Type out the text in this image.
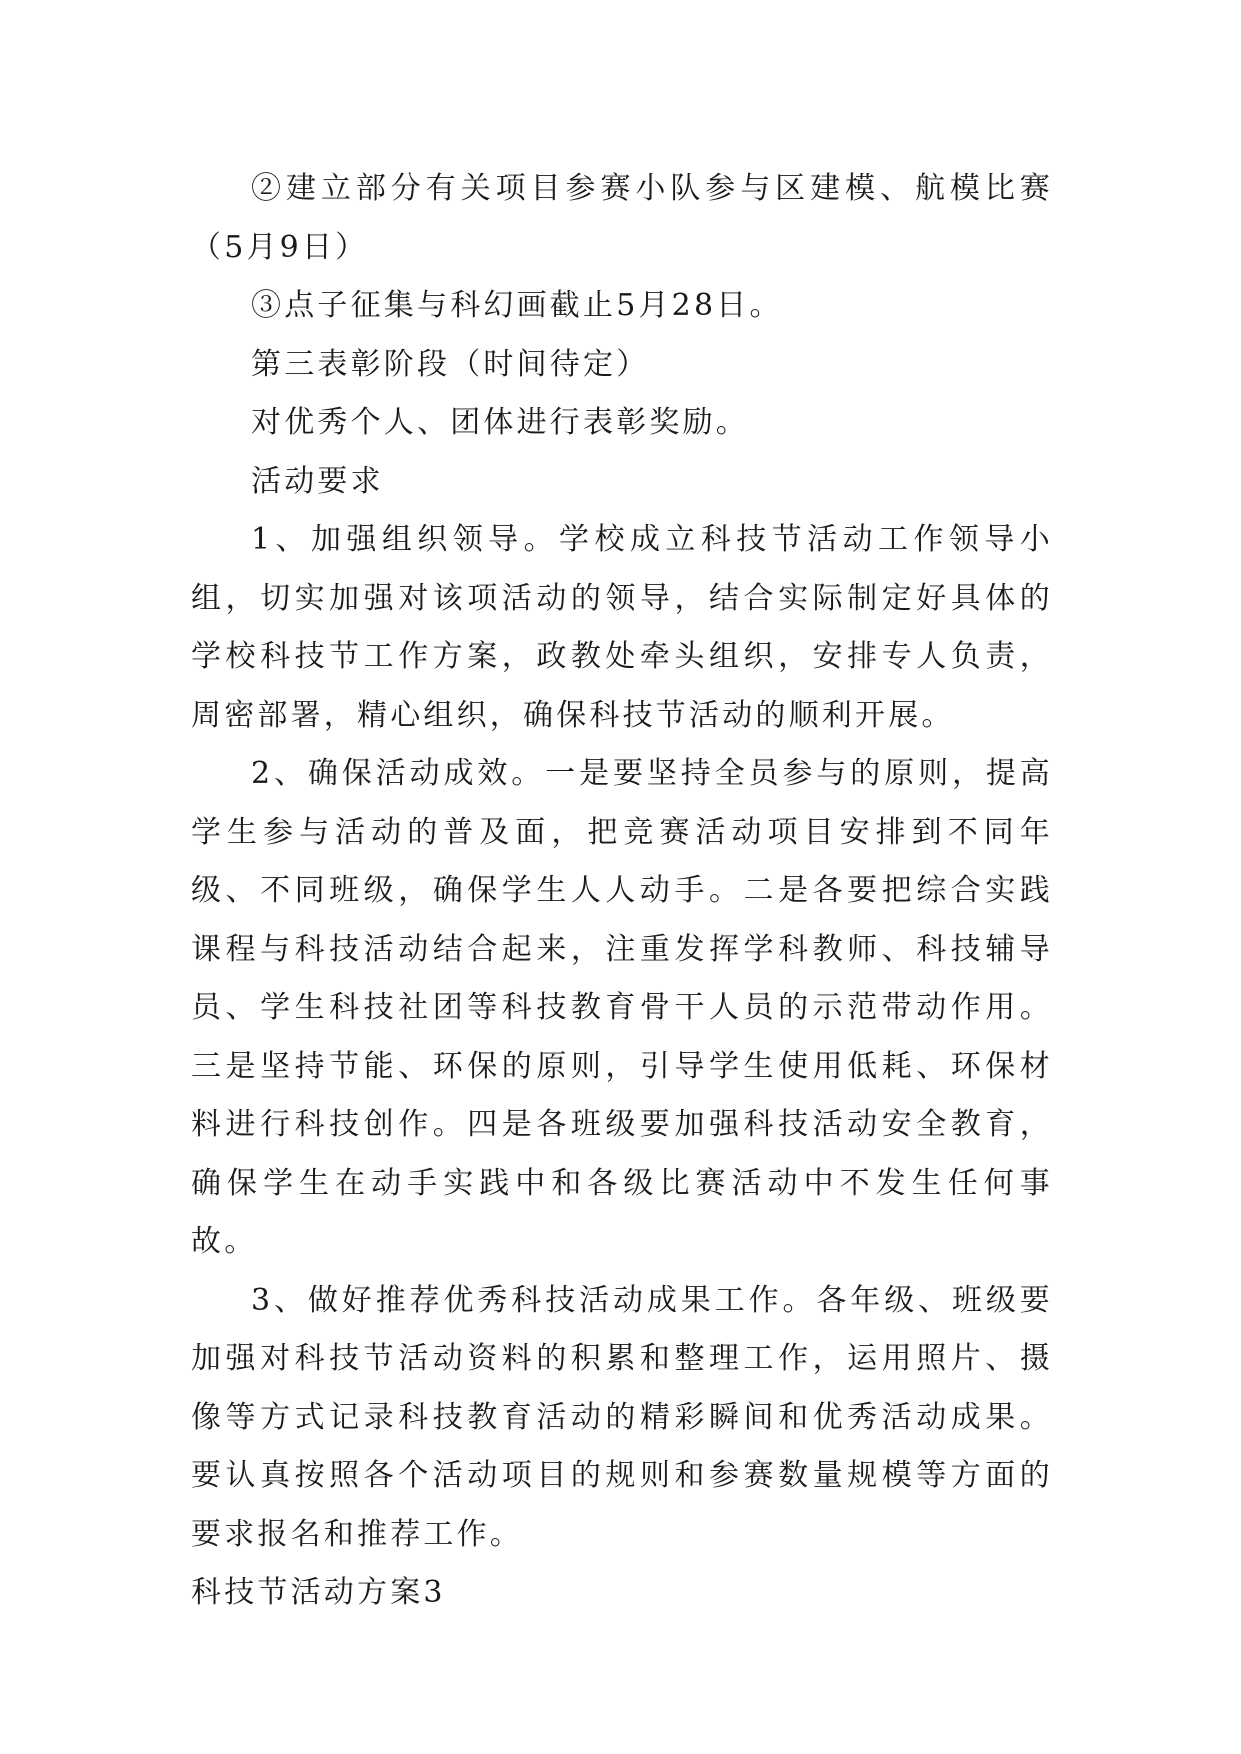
②建立部分有关项目参赛小队参与区建模、航模比赛（5月9日）

③点子征集与科幻画截止5月28日。

第三表彰阶段（时间待定）

对优秀个人、团体进行表彰奖励。

活动要求

1、加强组织领导。学校成立科技节活动工作领导小组，切实加强对该项活动的领导，结合实际制定好具体的学校科技节工作方案，政教处牵头组织，安排专人负责，周密部署，精心组织，确保科技节活动的顺利开展。

2、确保活动成效。一是要坚持全员参与的原则，提高学生参与活动的普及面，把竞赛活动项目安排到不同年级、不同班级，确保学生人人动手。二是各要把综合实践课程与科技活动结合起来，注重发挥学科教师、科技辅导员、学生科技社团等科技教育骨干人员的示范带动作用。三是坚持节能、环保的原则，引导学生使用低耗、环保材料进行科技创作。四是各班级要加强科技活动安全教育，确保学生在动手实践中和各级比赛活动中不发生任何事故。

3、做好推荐优秀科技活动成果工作。各年级、班级要加强对科技节活动资料的积累和整理工作，运用照片、摄像等方式记录科技教育活动的精彩瞬间和优秀活动成果。要认真按照各个活动项目的规则和参赛数量规模等方面的要求报名和推荐工作。

科技节活动方案3
